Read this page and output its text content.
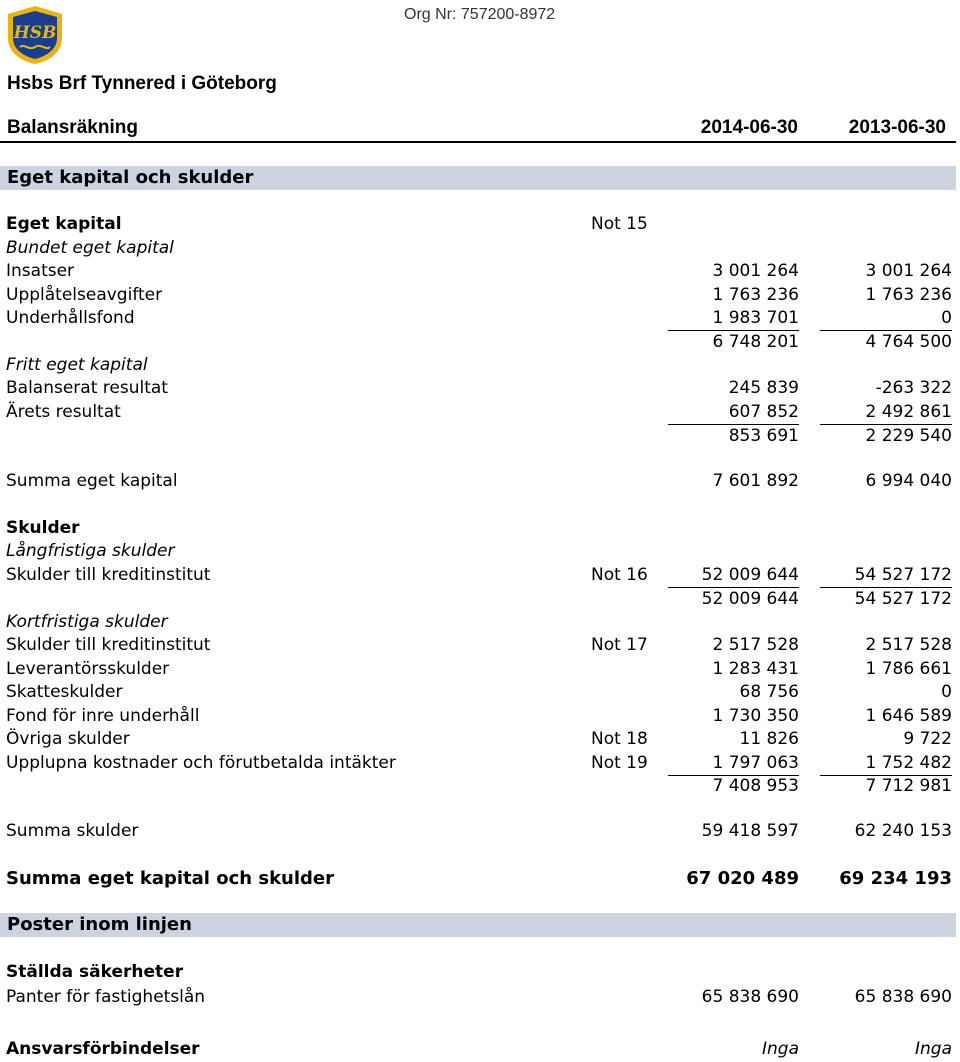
HSB
Org Nr: 757200-8972
Hsbs Brf Tynnered i Göteborg
Balansräkning	2014-06-30	2013-06-30
Eget kapital och skulder
Eget kapital	Not 15
Bundet eget kapital
Insatser	3 001 264	3 001 264
Upplåtelseavgifter	1 763 236	1 763 236
Underhållsfond	1 983 701	0
6 748 201	4 764 500
Fritt eget kapital
Balanserat resultat	245 839	-263 322
Ärets resultat	607 852	2 492 861
853 691	2 229 540
Summa eget kapital	7 601 892	6 994 040
Skulder
Långfristiga skulder
Skulder till kreditinstitut	Not 16	52 009 644	54 527 172
52 009 644	54 527 172
Kortfristiga skulder
Skulder till kreditinstitut	Not 17	2 517 528	2 517 528
Leverantörsskulder	1 283 431	1 786 661
Skatteskulder	68 756	0
Fond för inre underhåll	1 730 350	1 646 589
Övriga skulder	Not 18	11 826	9 722
Upplupna kostnader och förutbetalda intäkter	Not 19	1 797 063	1 752 482
7 408 953	7 712 981
Summa skulder	59 418 597	62 240 153
Summa eget kapital och skulder	67 020 489	69 234 193
Poster inom linjen
Ställda säkerheter
Panter för fastighetslån	65 838 690	65 838 690
Ansvarsförbindelser	Inga	Inga
